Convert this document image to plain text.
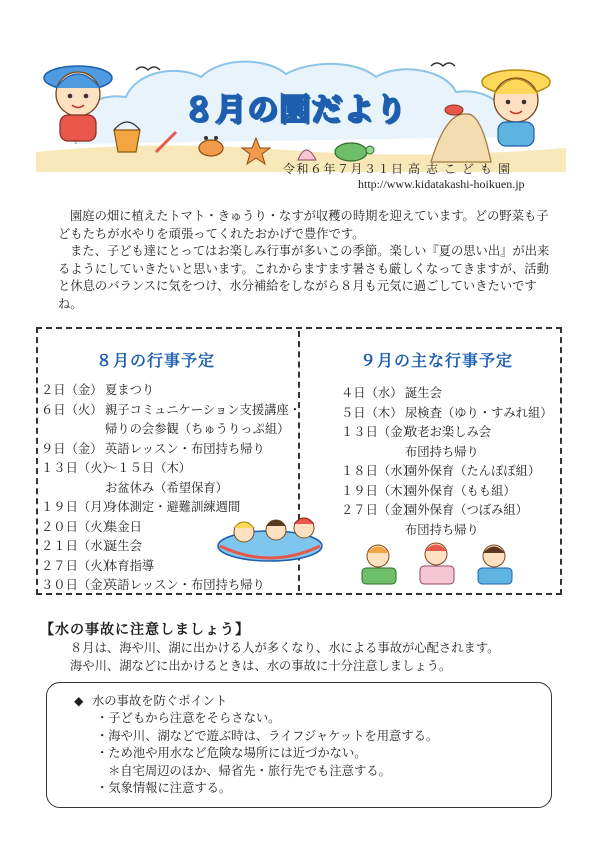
８月の園だより
令和６年７月３１日 高志こども園
http://www.kidatakashi-hoikuen.jp

園庭の畑に植えたトマト・きゅうり・なすが収穫の時期を迎えています。どの野菜も子どもたちが水やりを頑張ってくれたおかげで豊作です。

また、子ども達にとってはお楽しみ行事が多いこの季節。楽しい『夏の思い出』が出来るようにしていきたいと思います。これからますます暑さも厳しくなってきますが、活動と休息のバランスに気をつけ、水分補給をしながら８月も元気に過ごしていきたいですね。

８月の行事予定	９月の主な行事予定
２日（金） 夏まつり
６日（火） 親子コミュニケーション支援講座・
帰りの会参観（ちゅうりっぷ組）
９日（金） 英語レッスン・布団持ち帰り
１３日（火）
～１５日（木）
お盆休み（希望保育）
１９日（月）
身体測定・避難訓練週間
２０日（火）
集金日
２１日（水）
誕生会
２７日（火）
体育指導
３０日（金）
英語レッスン・布団持ち帰り
４日（水） 誕生会
５日（木） 尿検査（ゆり・すみれ組）
１３日（金）
敬老お楽しみ会
布団持ち帰り
１８日（水）
園外保育（たんぽぽ組）
１９日（木）
園外保育（もも組）
２７日（金）
園外保育（つぼみ組）
布団持ち帰り
【水の事故に注意しましょう】

８月は、海や川、湖に出かける人が多くなり、水による事故が心配されます。

海や川、湖などに出かけるときは、水の事故に十分注意しましょう。

◆ 水の事故を防ぐポイント
・子どもから注意をそらさない。
・海や川、湖などで遊ぶ時は、ライフジャケットを用意する。
・ため池や用水など危険な場所には近づかない。
＊自宅周辺のほか、帰省先・旅行先でも注意する。
・気象情報に注意する。
